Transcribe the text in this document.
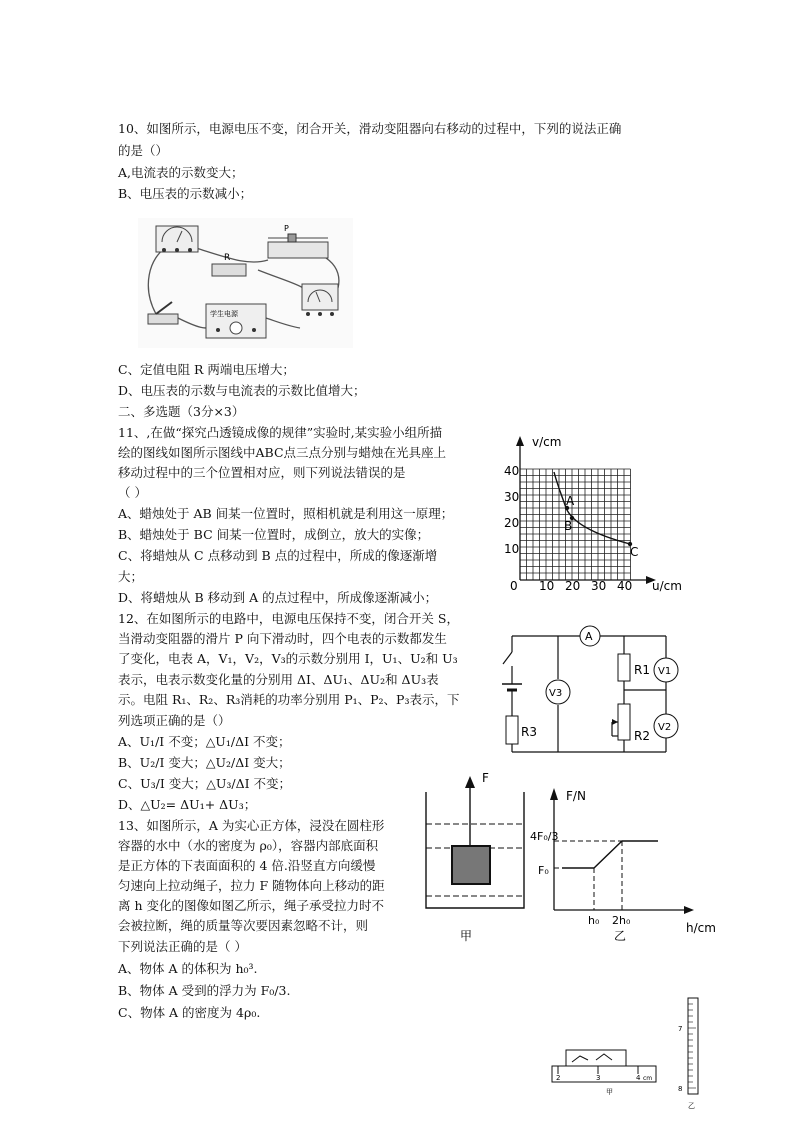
10、如图所示，电源电压不变，闭合开关，滑动变阻器向右移动的过程中，下列的说法正确
的是（）
A,电流表的示数变大；
B、电压表的示数减小；
R
P
学生电源
C、定值电阻 R 两端电压增大；
D、电压表的示数与电流表的示数比值增大；
二、多选题（3分×3）
11、,在做“探究凸透镜成像的规律”实验时,某实验小组所描
绘的图线如图所示图线中ABC点三点分别与蜡烛在光具座上
移动过程中的三个位置相对应，则下列说法错误的是
（ ）
A、蜡烛处于 AB 间某一位置时，照相机就是利用这一原理；
B、蜡烛处于 BC 间某一位置时，成倒立，放大的实像；
C、将蜡烛从 C 点移动到 B 点的过程中，所成的像逐渐增
大；
D、将蜡烛从 B 移动到 A 的点过程中，所成像逐渐减小；
v/cm
u/cm
40
30
20
10
0 10 20 30 40
A
B
C
12、在如图所示的电路中，电源电压保持不变，闭合开关 S，
当滑动变阻器的滑片 P 向下滑动时，四个电表的示数都发生
了变化，电表 A，V₁，V₂，V₃的示数分别用 I，U₁、U₂和 U₃
表示，电表示数变化量的分别用 ΔI、ΔU₁、ΔU₂和 ΔU₃表
示。电阻 R₁、R₂、R₃消耗的功率分别用 P₁、P₂、P₃表示，下
列选项正确的是（）
A、U₁/I 不变；△U₁/ΔI 不变；
B、U₂/I 变大；△U₂/ΔI 变大；
C、U₃/I 变大；△U₃/ΔI 不变；
D、△U₂= ΔU₁+ ΔU₃；
R3
A
V3
R1
R2
V1
V2
13、如图所示，A 为实心正方体，浸没在圆柱形
容器的水中（水的密度为 ρ₀），容器内部底面积
是正方体的下表面面积的 4 倍.沿竖直方向缓慢
匀速向上拉动绳子，拉力 F 随物体向上移动的距
离 h 变化的图像如图乙所示，绳子承受拉力时不
会被拉断，绳的质量等次要因素忽略不计，则
下列说法正确的是（ ）
A、物体 A 的体积为 h₀³.
B、物体 A 受到的浮力为 F₀/3.
C、物体 A 的密度为 4ρ₀.
F
甲
F/N
h/cm
4F₀/3
F₀
h₀ 2h₀
乙
2	3	4 cm
甲
7
8
乙
